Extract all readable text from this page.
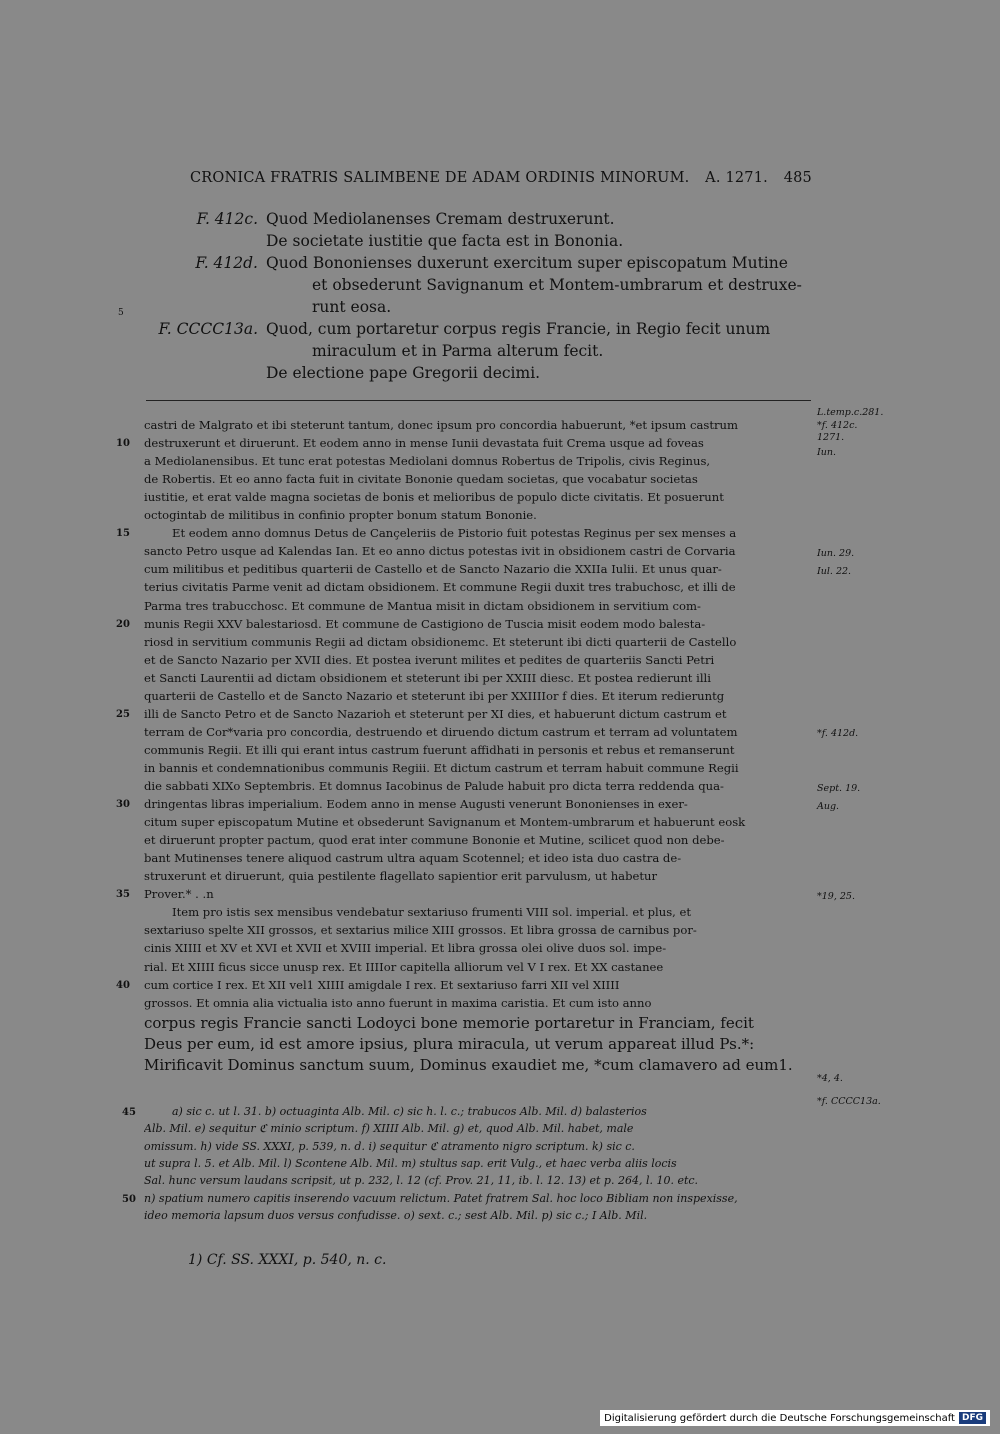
CRONICA FRATRIS SALIMBENE DE ADAM ORDINIS MINORUM. A. 1271. 485
F. 412c. Quod Mediolanenses Cremam destruxerunt.
De societate iustitie que facta est in Bononia.
F. 412d. Quod Bononienses duxerunt exercitum super episcopatum Mutine
et obsederunt Savignanum et Montem-umbrarum et destruxe-
5	runt eosa.
F. CCCC13a. Quod, cum portaretur corpus regis Francie, in Regio fecit unum
miraculum et in Parma alterum fecit.
De electione pape Gregorii decimi.
castri de Malgrato et ibi steterunt tantum, donec ipsum pro concordia habuerunt, *et ipsum castrum
destruxerunt et diruerunt. Et eodem anno in mense Iunii devastata fuit Crema usque ad foveas
a Mediolanensibus. Et tunc erat potestas Mediolani domnus Robertus de Tripolis, civis Reginus,
de Robertis. Et eo anno facta fuit in civitate Bononie quedam societas, que vocabatur societas
iustitie, et erat valde magna societas de bonis et melioribus de populo dicte civitatis. Et posuerunt
octogintab de militibus in confinio propter bonum statum Bononie.
Et eodem anno domnus Detus de Cançeleriis de Pistorio fuit potestas Reginus per sex menses a
sancto Petro usque ad Kalendas Ian. Et eo anno dictus potestas ivit in obsidionem castri de Corvaria
cum militibus et peditibus quarterii de Castello et de Sancto Nazario die XXIIa Iulii. Et unus quar-
terius civitatis Parme venit ad dictam obsidionem. Et commune Regii duxit tres trabuchosc, et illi de
Parma tres trabucchosc. Et commune de Mantua misit in dictam obsidionem in servitium com-
munis Regii XXV balestariosd. Et commune de Castigiono de Tuscia misit eodem modo balesta-
riosd in servitium communis Regii ad dictam obsidionemc. Et steterunt ibi dicti quarterii de Castello
et de Sancto Nazario per XVII dies. Et postea iverunt milites et pedites de quarteriis Sancti Petri
et Sancti Laurentii ad dictam obsidionem et steterunt ibi per XXIII diesc. Et postea redierunt illi
quarterii de Castello et de Sancto Nazario et steterunt ibi per XXIIIIor f dies. Et iterum redieruntg
illi de Sancto Petro et de Sancto Nazarioh et steterunt per XI dies, et habuerunt dictum castrum et
terram de Cor*varia pro concordia, destruendo et diruendo dictum castrum et terram ad voluntatem
communis Regii. Et illi qui erant intus castrum fuerunt affidhati in personis et rebus et remanserunt
in bannis et condemnationibus communis Regiii. Et dictum castrum et terram habuit commune Regii
die sabbati XIXo Septembris. Et domnus Iacobinus de Palude habuit pro dicta terra reddenda qua-
dringentas libras imperialium. Eodem anno in mense Augusti venerunt Bononienses in exer-
citum super episcopatum Mutine et obsederunt Savignanum et Montem-umbrarum et habuerunt eosk
et diruerunt propter pactum, quod erat inter commune Bononie et Mutine, scilicet quod non debe-
bant Mutinenses tenere aliquod castrum ultra aquam Scotennel; et ideo ista duo castra de-
struxerunt et diruerunt, quia pestilente flagellato sapientior erit parvulusm, ut habetur
Prover.* . .n
Item pro istis sex mensibus vendebatur sextariuso frumenti VIII sol. imperial. et plus, et
sextariuso spelte XII grossos, et sextarius milice XIII grossos. Et libra grossa de carnibus por-
cinis XIIII et XV et XVI et XVII et XVIII imperial. Et libra grossa olei olive duos sol. impe-
rial. Et XIIII ficus sicce unusp rex. Et IIIIor capitella alliorum vel V I rex. Et XX castanee
cum cortice I rex. Et XII vel1 XIIII amigdale I rex. Et sextariuso farri XII vel XIIII
grossos. Et omnia alia victualia isto anno fuerunt in maxima caristia. Et cum isto anno
corpus regis Francie sancti Lodoyci bone memorie portaretur in Franciam, fecit
Deus per eum, id est amore ipsius, plura miracula, ut verum appareat illud Ps.*:
Mirificavit Dominus sanctum suum, Dominus exaudiet me, *cum clamavero ad eum1.
10
15
20
25
30
35
40
L.temp.c.281.
*f. 412c.
1271.
Iun.
Iun. 29.
Iul. 22.
*f. 412d.
Sept. 19.
Aug.
*19, 25.
*4, 4.
*f. CCCC13a.
a) sic c. ut l. 31. b) octuaginta Alb. Mil. c) sic h. l. c.; trabucos Alb. Mil. d) balasterios
Alb. Mil. e) sequitur ℭ minio scriptum. f) XIIII Alb. Mil. g) et, quod Alb. Mil. habet, male
omissum. h) vide SS. XXXI, p. 539, n. d. i) sequitur ℭ atramento nigro scriptum. k) sic c.
ut supra l. 5. et Alb. Mil. l) Scontene Alb. Mil. m) stultus sap. erit Vulg., et haec verba aliis locis
Sal. hunc versum laudans scripsit, ut p. 232, l. 12 (cf. Prov. 21, 11, ib. l. 12. 13) et p. 264, l. 10. etc.
n) spatium numero capitis inserendo vacuum relictum. Patet fratrem Sal. hoc loco Bibliam non inspexisse,
ideo memoria lapsum duos versus confudisse. o) sext. c.; sest Alb. Mil. p) sic c.; I Alb. Mil.
45
50
1) Cf. SS. XXXI, p. 540, n. c.
Digitalisierung gefördert durch die Deutsche Forschungsgemeinschaft DFG
